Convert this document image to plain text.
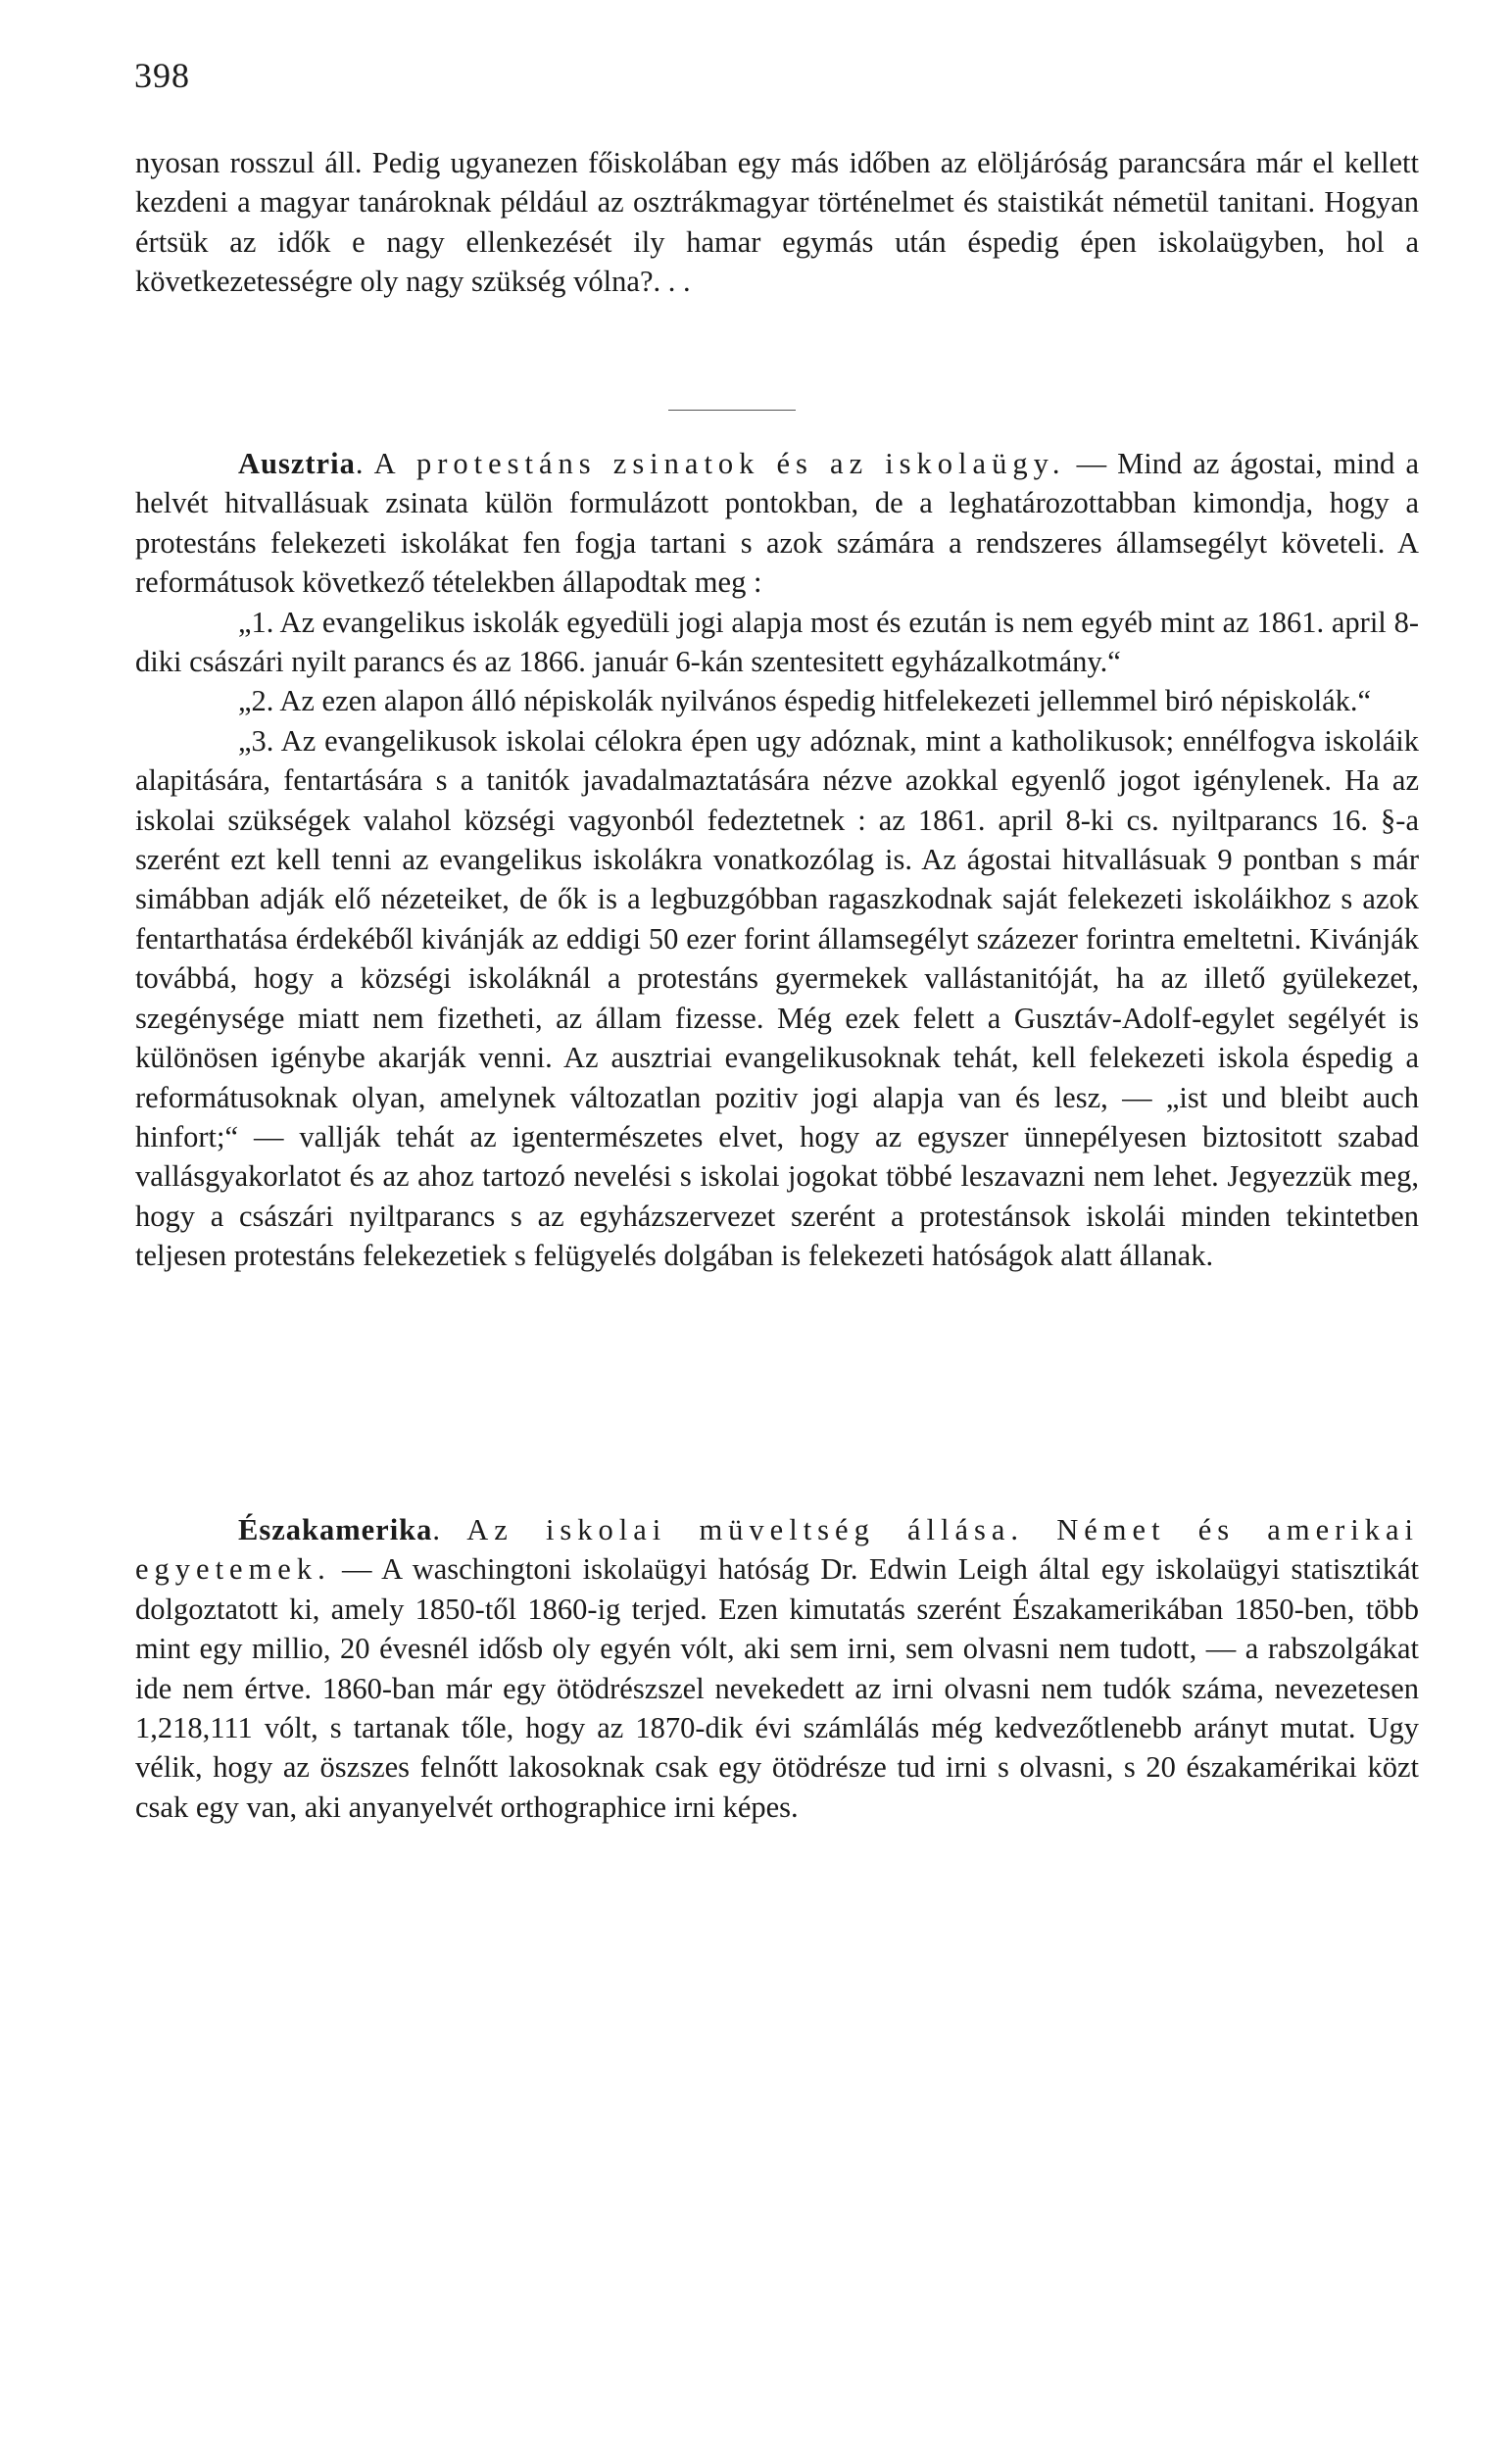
398

nyosan rosszul áll. Pedig ugyanezen főiskolában egy más időben az elöljáróság parancsára már el kellett kezdeni a magyar tanároknak például az osztrákmagyar történelmet és staistikát németül tanitani. Hogyan értsük az idők e nagy ellenkezését ily hamar egymás után éspedig épen iskolaügyben, hol a következetességre oly nagy szükség vólna?. . .

Ausztria. A protestáns zsinatok és az iskolaügy. — Mind az ágostai, mind a helvét hitvallásuak zsinata külön formulázott pontokban, de a leghatározottabban kimondja, hogy a protestáns felekezeti iskolákat fen fogja tartani s azok számára a rendszeres államsegélyt követeli. A reformátusok következő tételekben állapodtak meg :

„1. Az evangelikus iskolák egyedüli jogi alapja most és ezután is nem egyéb mint az 1861. april 8-diki császári nyilt parancs és az 1866. január 6-kán szentesitett egyházalkotmány.“

„2. Az ezen alapon álló népiskolák nyilvános éspedig hitfelekezeti jellemmel biró népiskolák.“

„3. Az evangelikusok iskolai célokra épen ugy adóznak, mint a katholikusok; ennélfogva iskoláik alapitására, fentartására s a tanitók javadalmaztatására nézve azokkal egyenlő jogot igénylenek. Ha az iskolai szükségek valahol községi vagyonból fedeztetnek : az 1861. april 8-ki cs. nyiltparancs 16. §-a szerént ezt kell tenni az evangelikus iskolákra vonatkozólag is. Az ágostai hitvallásuak 9 pontban s már simábban adják elő nézeteiket, de ők is a legbuzgóbban ragaszkodnak saját felekezeti iskoláikhoz s azok fentarthatása érdekéből kivánják az eddigi 50 ezer forint államsegélyt százezer forintra emeltetni. Kivánják továbbá, hogy a községi iskoláknál a protestáns gyermekek vallástanitóját, ha az illető gyülekezet, szegénysége miatt nem fizetheti, az állam fizesse. Még ezek felett a Gusztáv-Adolf-egylet segélyét is különösen igénybe akarják venni. Az ausztriai evangelikusoknak tehát, kell felekezeti iskola éspedig a reformátusoknak olyan, amelynek változatlan pozitiv jogi alapja van és lesz, — „ist und bleibt auch hinfort;“ — vallják tehát az igentermészetes elvet, hogy az egyszer ünnepélyesen biztositott szabad vallásgyakorlatot és az ahoz tartozó nevelési s iskolai jogokat többé leszavazni nem lehet. Jegyezzük meg, hogy a császári nyiltparancs s az egyházszervezet szerént a protestánsok iskolái minden tekintetben teljesen protestáns felekezetiek s felügyelés dolgában is felekezeti hatóságok alatt állanak.

Északamerika. Az iskolai müveltség állása. Német és amerikai egyetemek. — A waschingtoni iskolaügyi hatóság Dr. Edwin Leigh által egy iskolaügyi statisztikát dolgoztatott ki, amely 1850-től 1860-ig terjed. Ezen kimutatás szerént Északamerikában 1850-ben, több mint egy millio, 20 évesnél idősb oly egyén vólt, aki sem irni, sem olvasni nem tudott, — a rabszolgákat ide nem értve. 1860-ban már egy ötödrészszel nevekedett az irni olvasni nem tudók száma, nevezetesen 1,218,111 vólt, s tartanak tőle, hogy az 1870-dik évi számlálás még kedvezőtlenebb arányt mutat. Ugy vélik, hogy az öszszes felnőtt lakosoknak csak egy ötödrésze tud irni s olvasni, s 20 északamérikai közt csak egy van, aki anyanyelvét orthographice irni képes.
